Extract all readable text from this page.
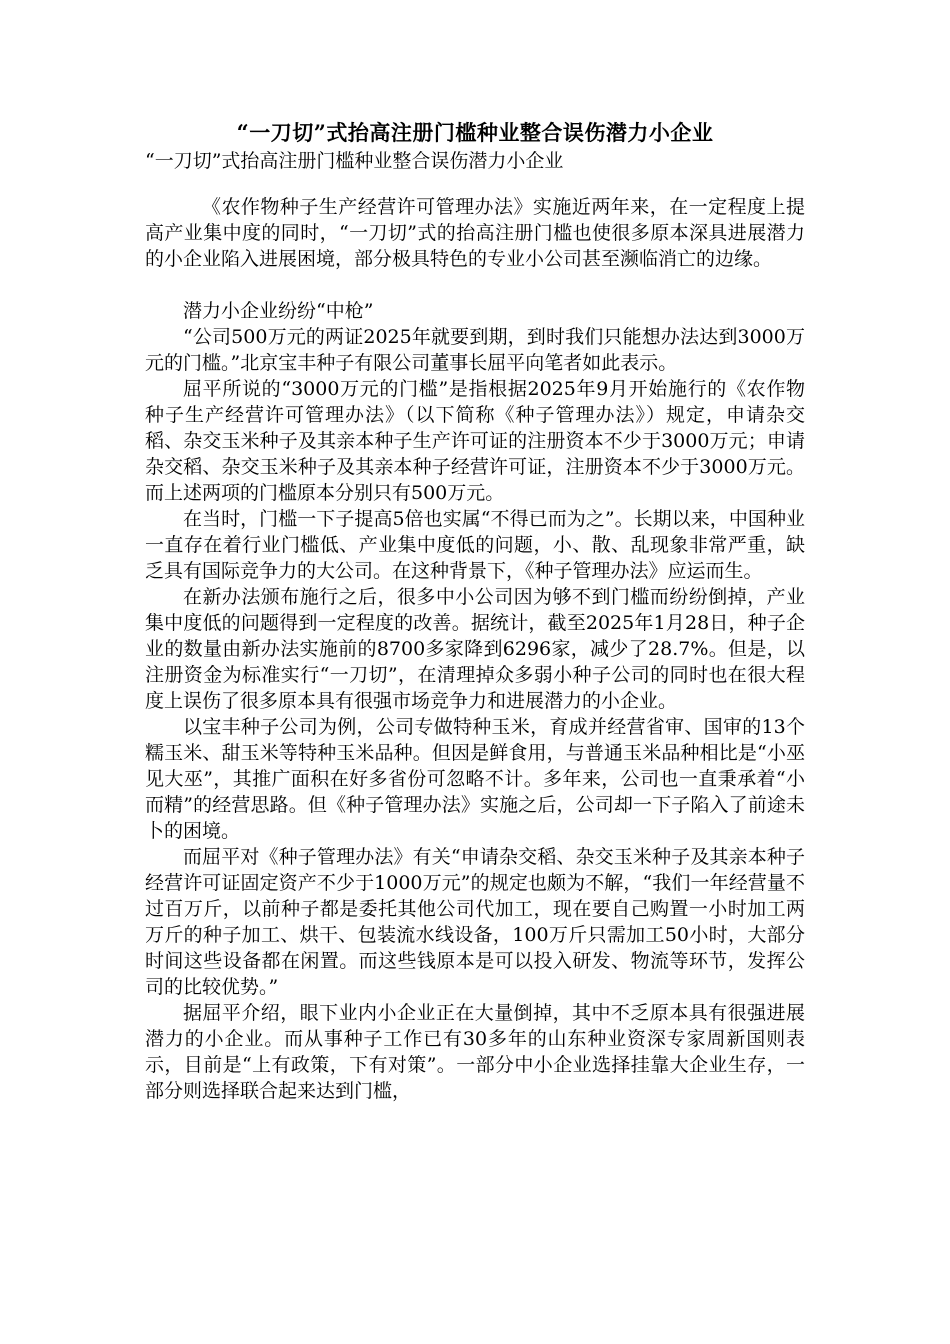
“一刀切”式抬高注册门槛种业整合误伤潜力小企业

“一刀切”式抬高注册门槛种业整合误伤潜力小企业

《农作物种子生产经营许可管理办法》实施近两年来，在一定程度上提高产业集中度的同时，“一刀切”式的抬高注册门槛也使很多原本深具进展潜力的小企业陷入进展困境，部分极具特色的专业小公司甚至濒临消亡的边缘。

潜力小企业纷纷“中枪”

“公司500万元的两证2025年就要到期，到时我们只能想办法达到3000万元的门槛。”北京宝丰种子有限公司董事长屈平向笔者如此表示。

屈平所说的“3000万元的门槛”是指根据2025年9月开始施行的《农作物种子生产经营许可管理办法》（以下简称《种子管理办法》）规定，申请杂交稻、杂交玉米种子及其亲本种子生产许可证的注册资本不少于3000万元；申请杂交稻、杂交玉米种子及其亲本种子经营许可证，注册资本不少于3000万元。而上述两项的门槛原本分别只有500万元。

在当时，门槛一下子提高5倍也实属“不得已而为之”。长期以来，中国种业一直存在着行业门槛低、产业集中度低的问题，小、散、乱现象非常严重，缺乏具有国际竞争力的大公司。在这种背景下，《种子管理办法》应运而生。

在新办法颁布施行之后，很多中小公司因为够不到门槛而纷纷倒掉，产业集中度低的问题得到一定程度的改善。据统计，截至2025年1月28日，种子企业的数量由新办法实施前的8700多家降到6296家，减少了28.7%。但是，以注册资金为标准实行“一刀切”，在清理掉众多弱小种子公司的同时也在很大程度上误伤了很多原本具有很强市场竞争力和进展潜力的小企业。

以宝丰种子公司为例，公司专做特种玉米，育成并经营省审、国审的13个糯玉米、甜玉米等特种玉米品种。但因是鲜食用，与普通玉米品种相比是“小巫见大巫”，其推广面积在好多省份可忽略不计。多年来，公司也一直秉承着“小而精”的经营思路。但《种子管理办法》实施之后，公司却一下子陷入了前途未卜的困境。

而屈平对《种子管理办法》有关“申请杂交稻、杂交玉米种子及其亲本种子经营许可证固定资产不少于1000万元”的规定也颇为不解，“我们一年经营量不过百万斤，以前种子都是委托其他公司代加工，现在要自己购置一小时加工两万斤的种子加工、烘干、包装流水线设备，100万斤只需加工50小时，大部分时间这些设备都在闲置。而这些钱原本是可以投入研发、物流等环节，发挥公司的比较优势。”

据屈平介绍，眼下业内小企业正在大量倒掉，其中不乏原本具有很强进展潜力的小企业。而从事种子工作已有30多年的山东种业资深专家周新国则表示，目前是“上有政策，下有对策”。一部分中小企业选择挂靠大企业生存，一部分则选择联合起来达到门槛，
